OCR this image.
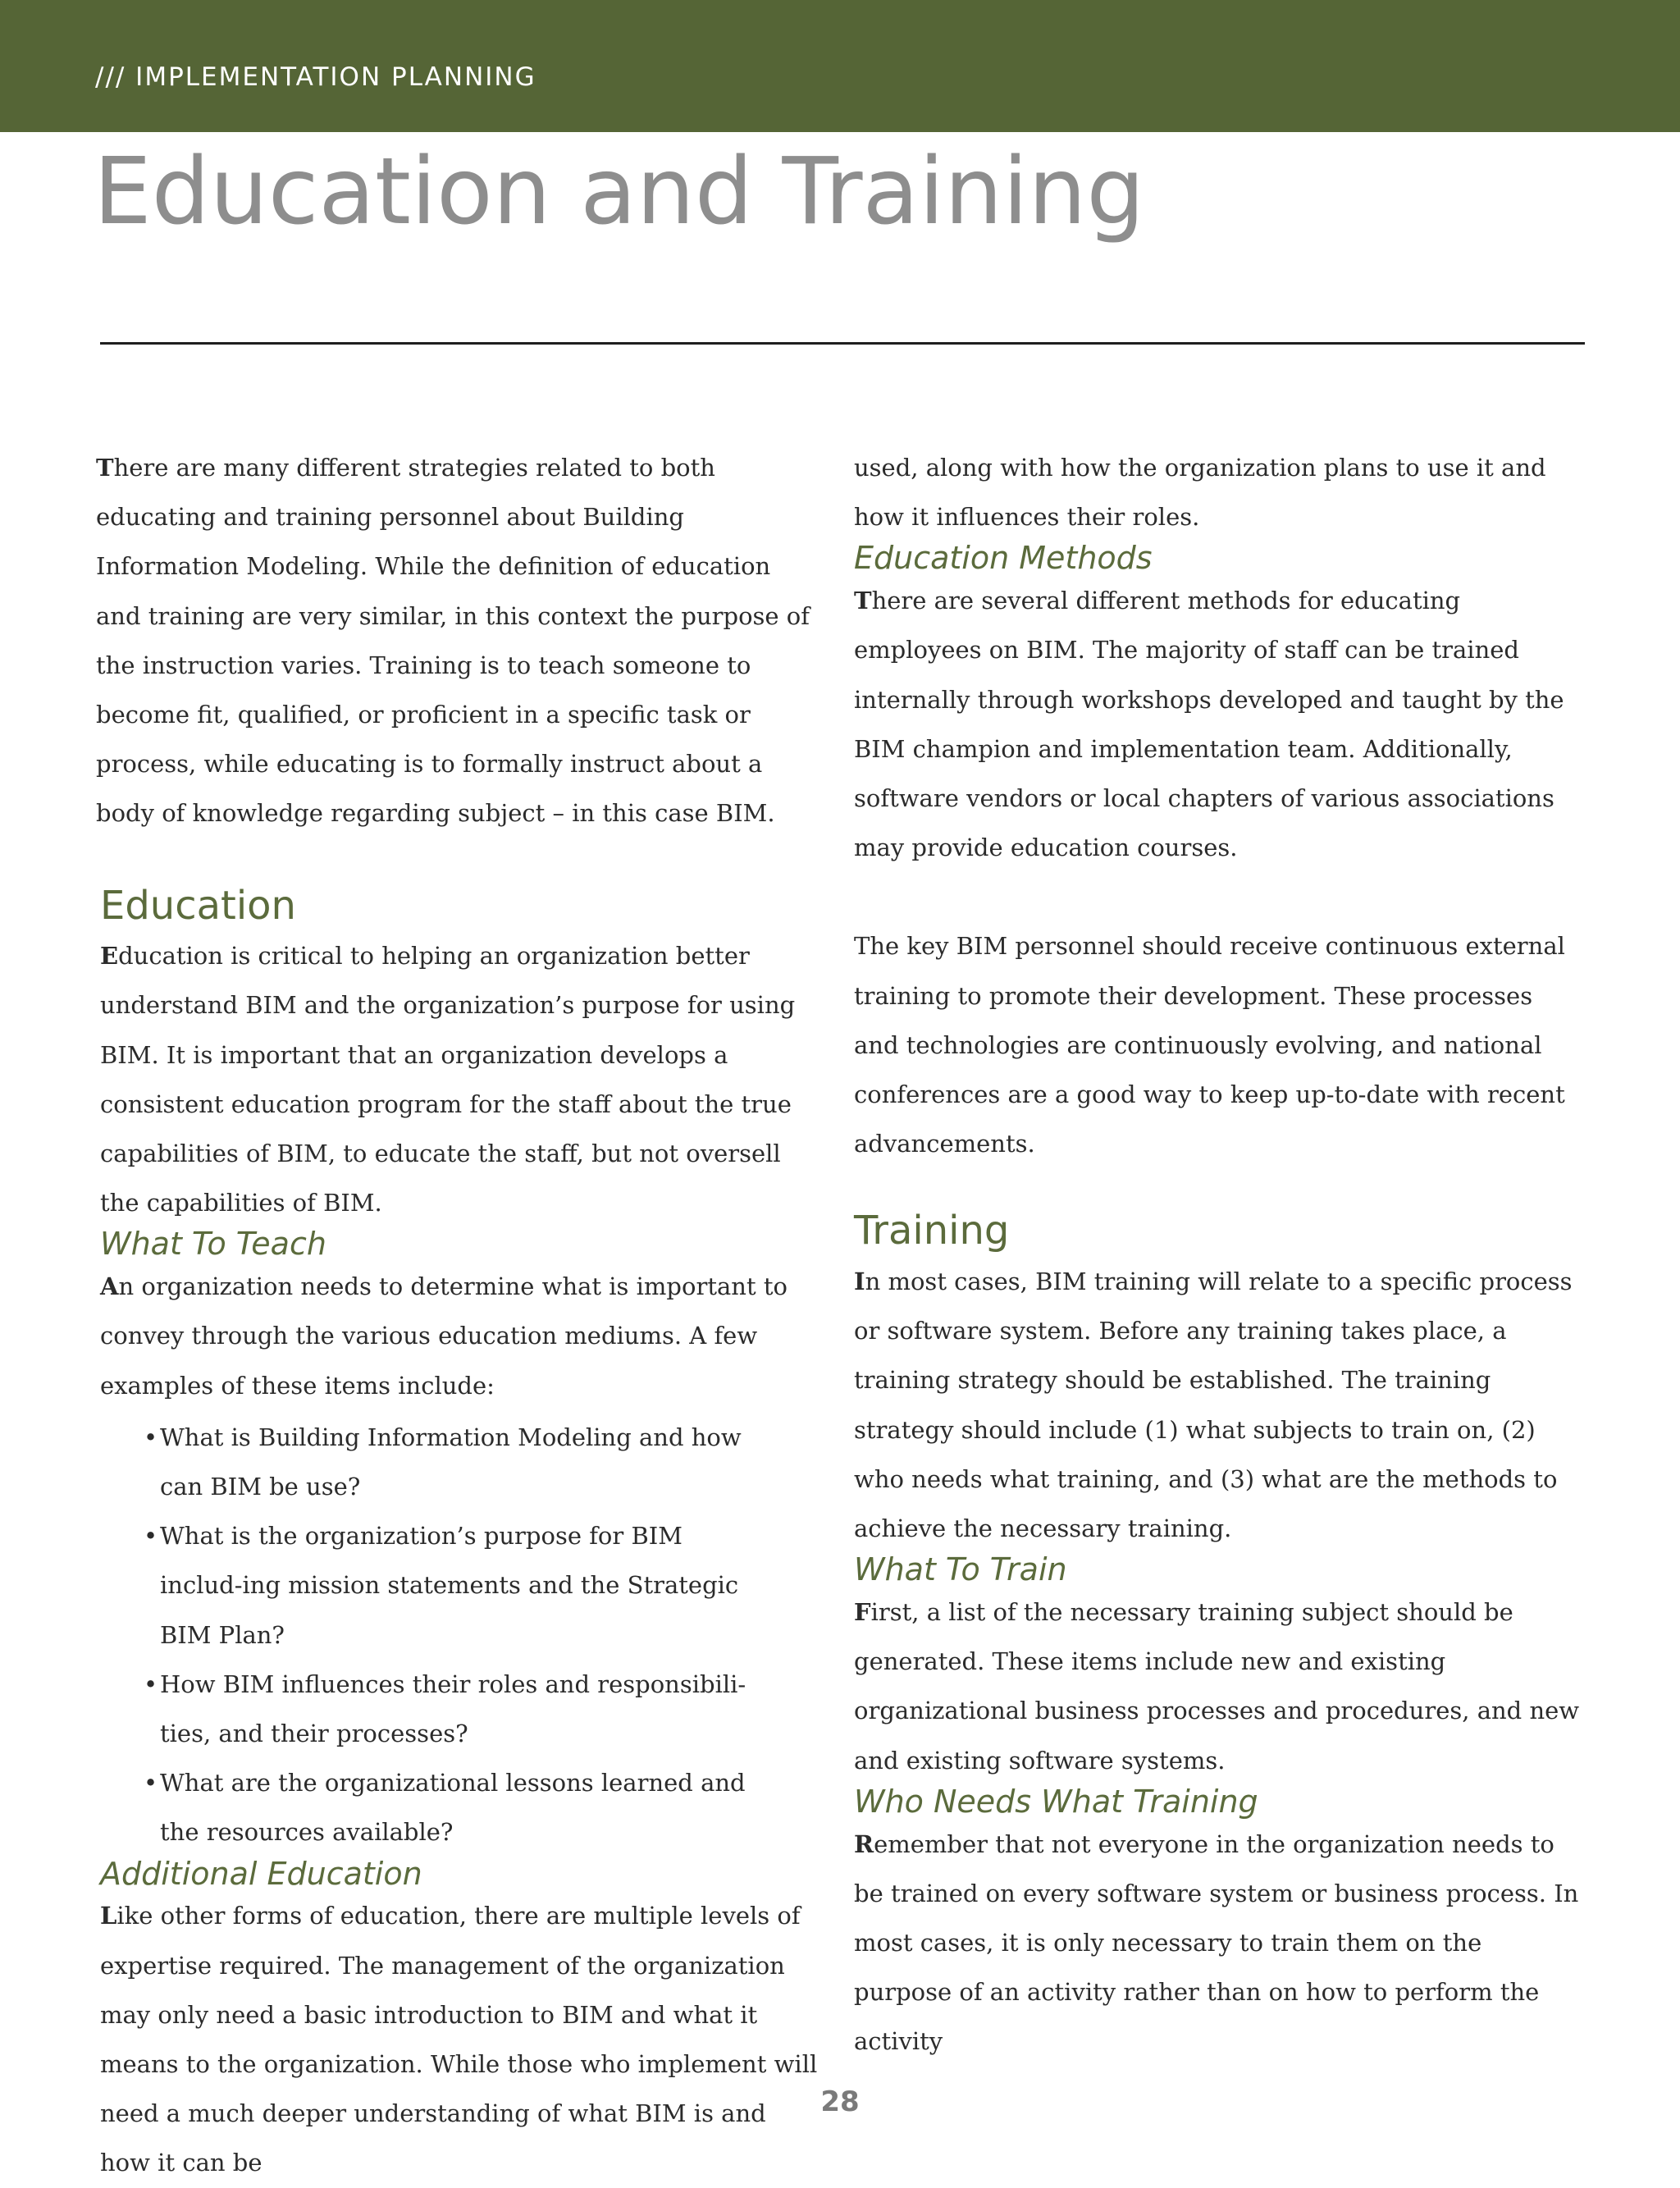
/// IMPLEMENTATION PLANNING
Education and Training

There are many different strategies related to both educating and training personnel about Building Information Modeling. While the definition of education and training are very similar, in this context the purpose of the instruction varies. Training is to teach someone to become fit, qualified, or proficient in a specific task or process, while educating is to formally instruct about a body of knowledge regarding subject – in this case BIM.

Education

Education is critical to helping an organization better understand BIM and the organization’s purpose for using BIM. It is important that an organization develops a consistent education program for the staff about the true capabilities of BIM, to educate the staff, but not oversell the capabilities of BIM.

What To Teach

An organization needs to determine what is important to convey through the various education mediums. A few examples of these items include:

•What is Building Information Modeling and how can BIM be use?
•What is the organization’s purpose for BIM includ-ing mission statements and the Strategic BIM Plan?
•How BIM influences their roles and responsibili-ties, and their processes?
•What are the organizational lessons learned and the resources available?
Additional Education

Like other forms of education, there are multiple levels of expertise required. The management of the organization may only need a basic introduction to BIM and what it means to the organization. While those who implement will need a much deeper understanding of what BIM is and how it can be

used, along with how the organization plans to use it and how it influences their roles.

Education Methods

There are several different methods for educating employees on BIM. The majority of staff can be trained internally through workshops developed and taught by the BIM champion and implementation team. Additionally, software vendors or local chapters of various associations may provide education courses.

The key BIM personnel should receive continuous external training to promote their development. These processes and technologies are continuously evolving, and national conferences are a good way to keep up-to-date with recent advancements.

Training

In most cases, BIM training will relate to a specific process or software system. Before any training takes place, a training strategy should be established. The training strategy should include (1) what subjects to train on, (2) who needs what training, and (3) what are the methods to achieve the necessary training.

What To Train

First, a list of the necessary training subject should be generated. These items include new and existing organizational business processes and procedures, and new and existing software systems.

Who Needs What Training

Remember that not everyone in the organization needs to be trained on every software system or business process. In most cases, it is only necessary to train them on the purpose of an activity rather than on how to perform the activity

28
